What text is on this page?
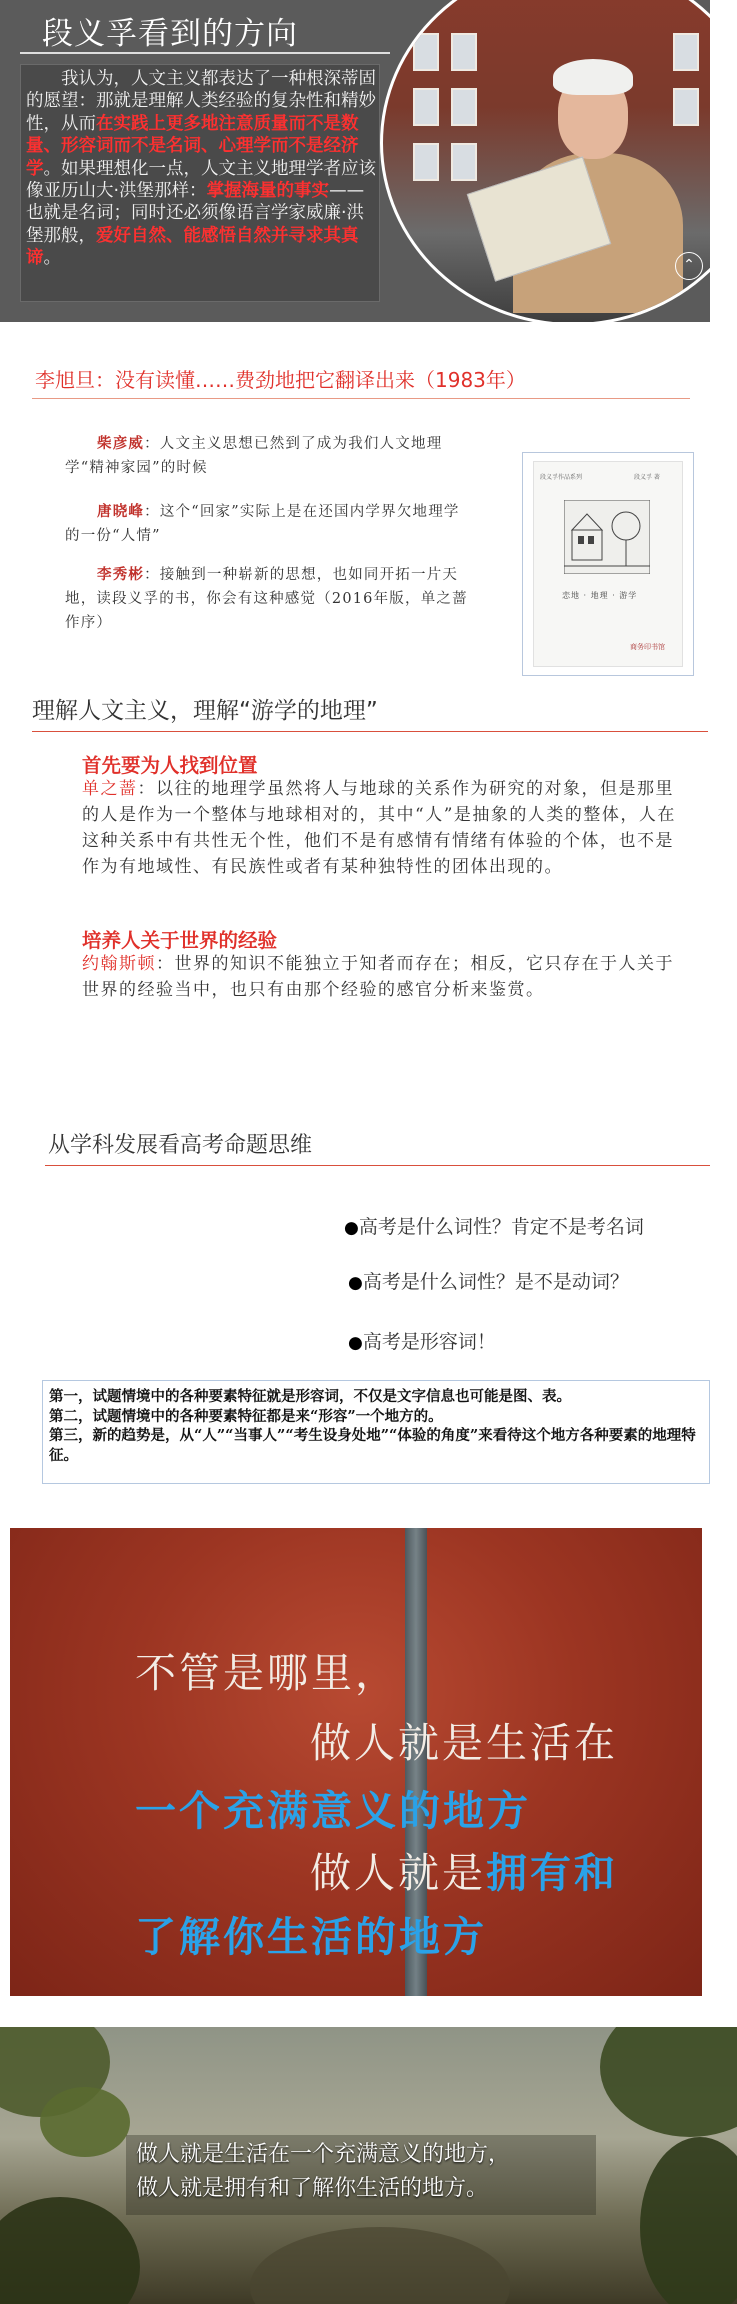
段义孚看到的方向
我认为，人文主义都表达了一种根深蒂固的愿望：那就是理解人类经验的复杂性和精妙性，从而在实践上更多地注意质量而不是数量、形容词而不是名词、心理学而不是经济学。如果理想化一点，人文主义地理学者应该像亚历山大·洪堡那样：掌握海量的事实——也就是名词；同时还必须像语言学家威廉·洪堡那般，爱好自然、能感悟自然并寻求其真谛。	⌃
李旭旦：没有读懂……费劲地把它翻译出来（1983年）
柴彦威：人文主义思想已然到了成为我们人文地理学“精神家园”的时候
唐晓峰：这个“回家”实际上是在还国内学界欠地理学的一份“人情”
李秀彬：接触到一种崭新的思想，也如同开拓一片天地，读段义孚的书，你会有这种感觉（2016年版，单之蔷作序）
段义孚作品系列	段义孚 著
恋地 · 地理 · 游学
商务印书馆
理解人文主义，理解“游学的地理”
首先要为人找到位置
单之蔷：以往的地理学虽然将人与地球的关系作为研究的对象，但是那里的人是作为一个整体与地球相对的，其中“人”是抽象的人类的整体，人在这种关系中有共性无个性，他们不是有感情有情绪有体验的个体，也不是作为有地域性、有民族性或者有某种独特性的团体出现的。
培养人关于世界的经验
约翰斯顿：世界的知识不能独立于知者而存在；相反，它只存在于人关于世界的经验当中，也只有由那个经验的感官分析来鉴赏。
从学科发展看高考命题思维
●高考是什么词性？肯定不是考名词
●高考是什么词性？是不是动词？
●高考是形容词！
第一，试题情境中的各种要素特征就是形容词，不仅是文字信息也可能是图、表。
第二，试题情境中的各种要素特征都是来“形容”一个地方的。
第三，新的趋势是，从“人”“当事人”“考生设身处地”“体验的角度”来看待这个地方各种要素的地理特征。
不管是哪里，
做人就是生活在
一个充满意义的地方
做人就是拥有和
了解你生活的地方
做人就是生活在一个充满意义的地方，
做人就是拥有和了解你生活的地方。
